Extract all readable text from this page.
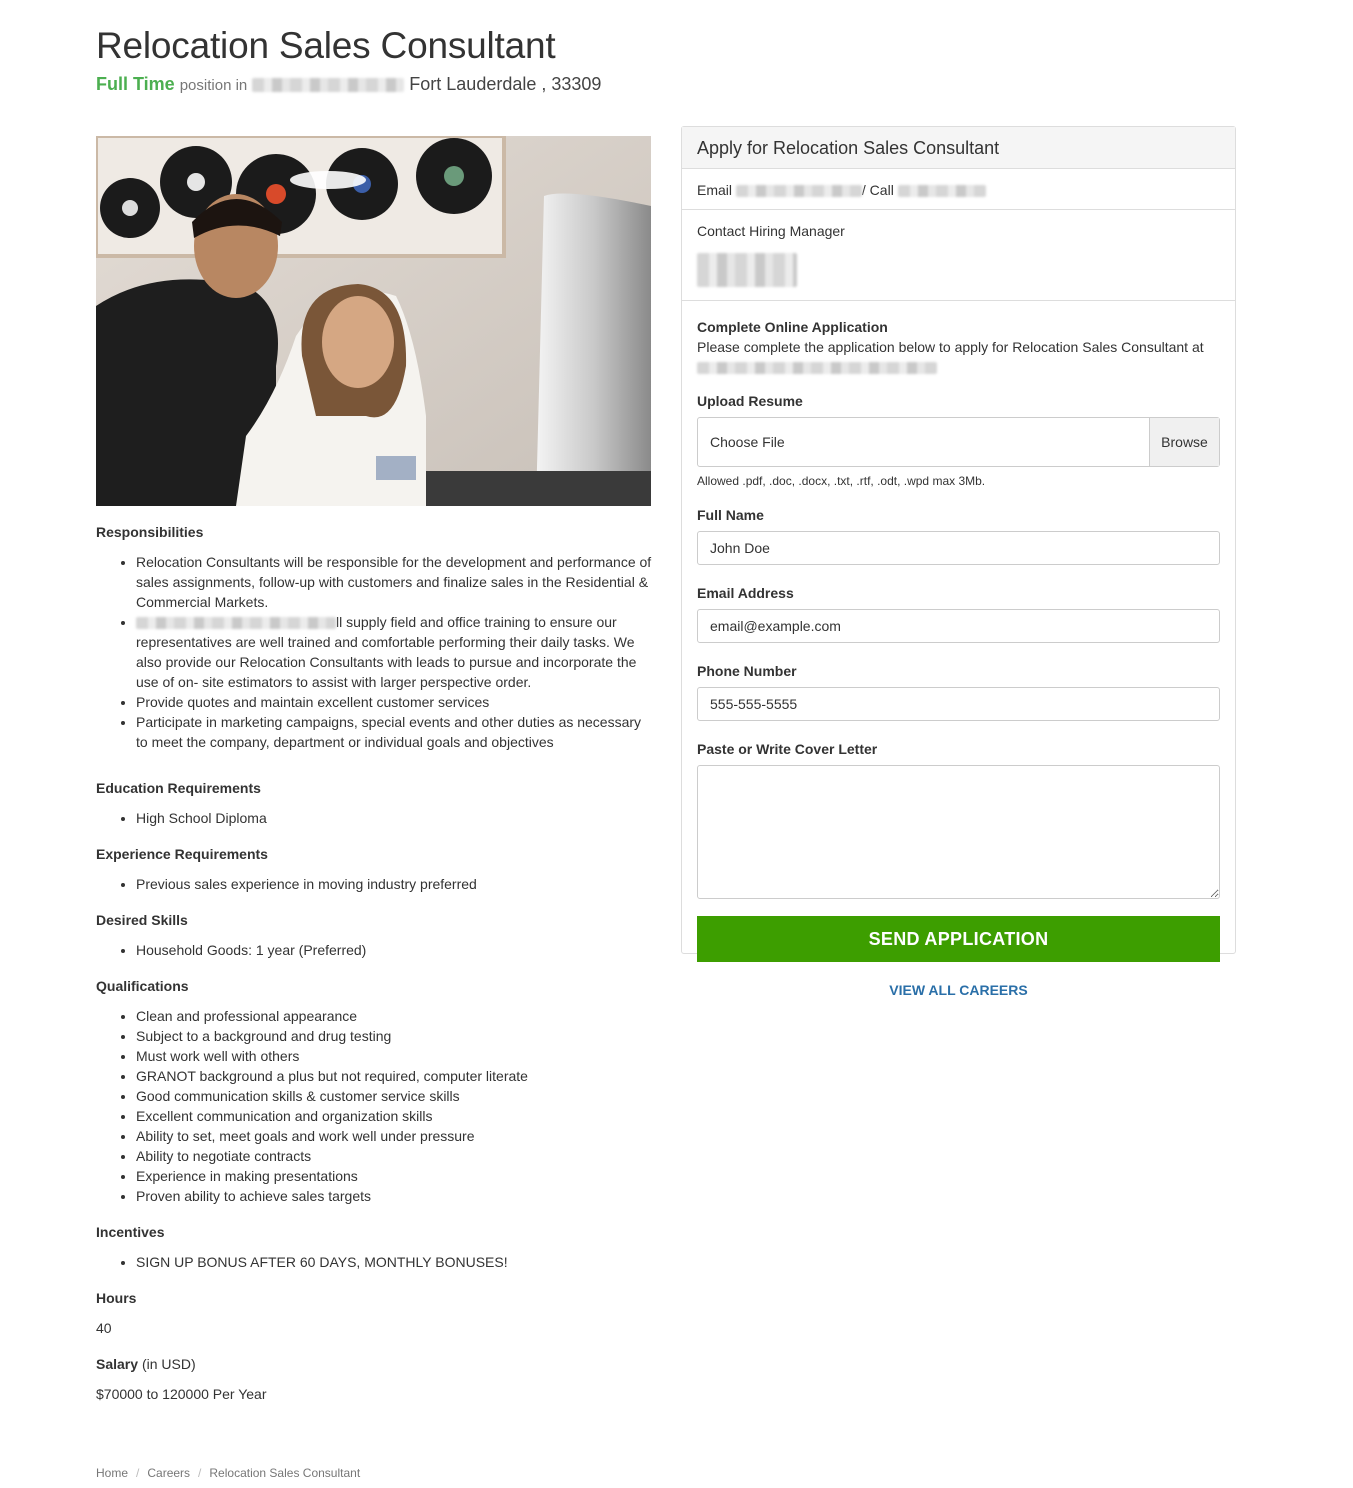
Relocation Sales Consultant
Full Time position in	Fort Lauderdale , 33309
Responsibilities
• Relocation Consultants will be responsible for the development and performance of sales assignments, follow-up with customers and finalize sales in the Residential & Commercial Markets.
• ll supply field and office training to ensure our representatives are well trained and comfortable performing their daily tasks. We also provide our Relocation Consultants with leads to pursue and incorporate the use of on- site estimators to assist with larger perspective order.
• Provide quotes and maintain excellent customer services
• Participate in marketing campaigns, special events and other duties as necessary to meet the company, department or individual goals and objectives
Education Requirements
• High School Diploma
Experience Requirements
• Previous sales experience in moving industry preferred
Desired Skills
• Household Goods: 1 year (Preferred)
Qualifications
• Clean and professional appearance
• Subject to a background and drug testing
• Must work well with others
• GRANOT background a plus but not required, computer literate
• Good communication skills & customer service skills
• Excellent communication and organization skills
• Ability to set, meet goals and work well under pressure
• Ability to negotiate contracts
• Experience in making presentations
• Proven ability to achieve sales targets
Incentives
• SIGN UP BONUS AFTER 60 DAYS, MONTHLY BONUSES!
Hours
40
Salary (in USD)
$70000 to 120000 Per Year
Home / Careers / Relocation Sales Consultant
Apply for Relocation Sales Consultant
Email	/ Call
Contact Hiring Manager
Complete Online Application
Please complete the application below to apply for Relocation Sales Consultant at
Upload Resume
Choose File	Browse
Allowed .pdf, .doc, .docx, .txt, .rtf, .odt, .wpd max 3Mb.
Full Name
John Doe
Email Address
email@example.com
Phone Number
555-555-5555
Paste or Write Cover Letter
SEND APPLICATION
VIEW ALL CAREERS
